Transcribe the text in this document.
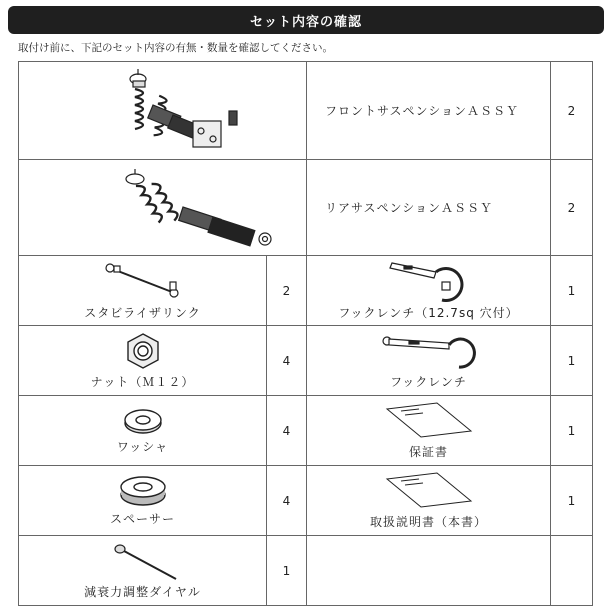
セット内容の確認
取付け前に、下記のセット内容の有無・数量を確認してください。
	フロントサスペンションＡＳＳＹ	2

	リアサスペンションＡＳＳＹ	2

スタビライザリンク	2	フックレンチ（12.7sq 穴付）	1

ナット（Ｍ１２）	4	フックレンチ	1

ワッシャ	4	保証書	1

スペーサー	4	取扱説明書（本書）	1

減衰力調整ダイヤル	1		
